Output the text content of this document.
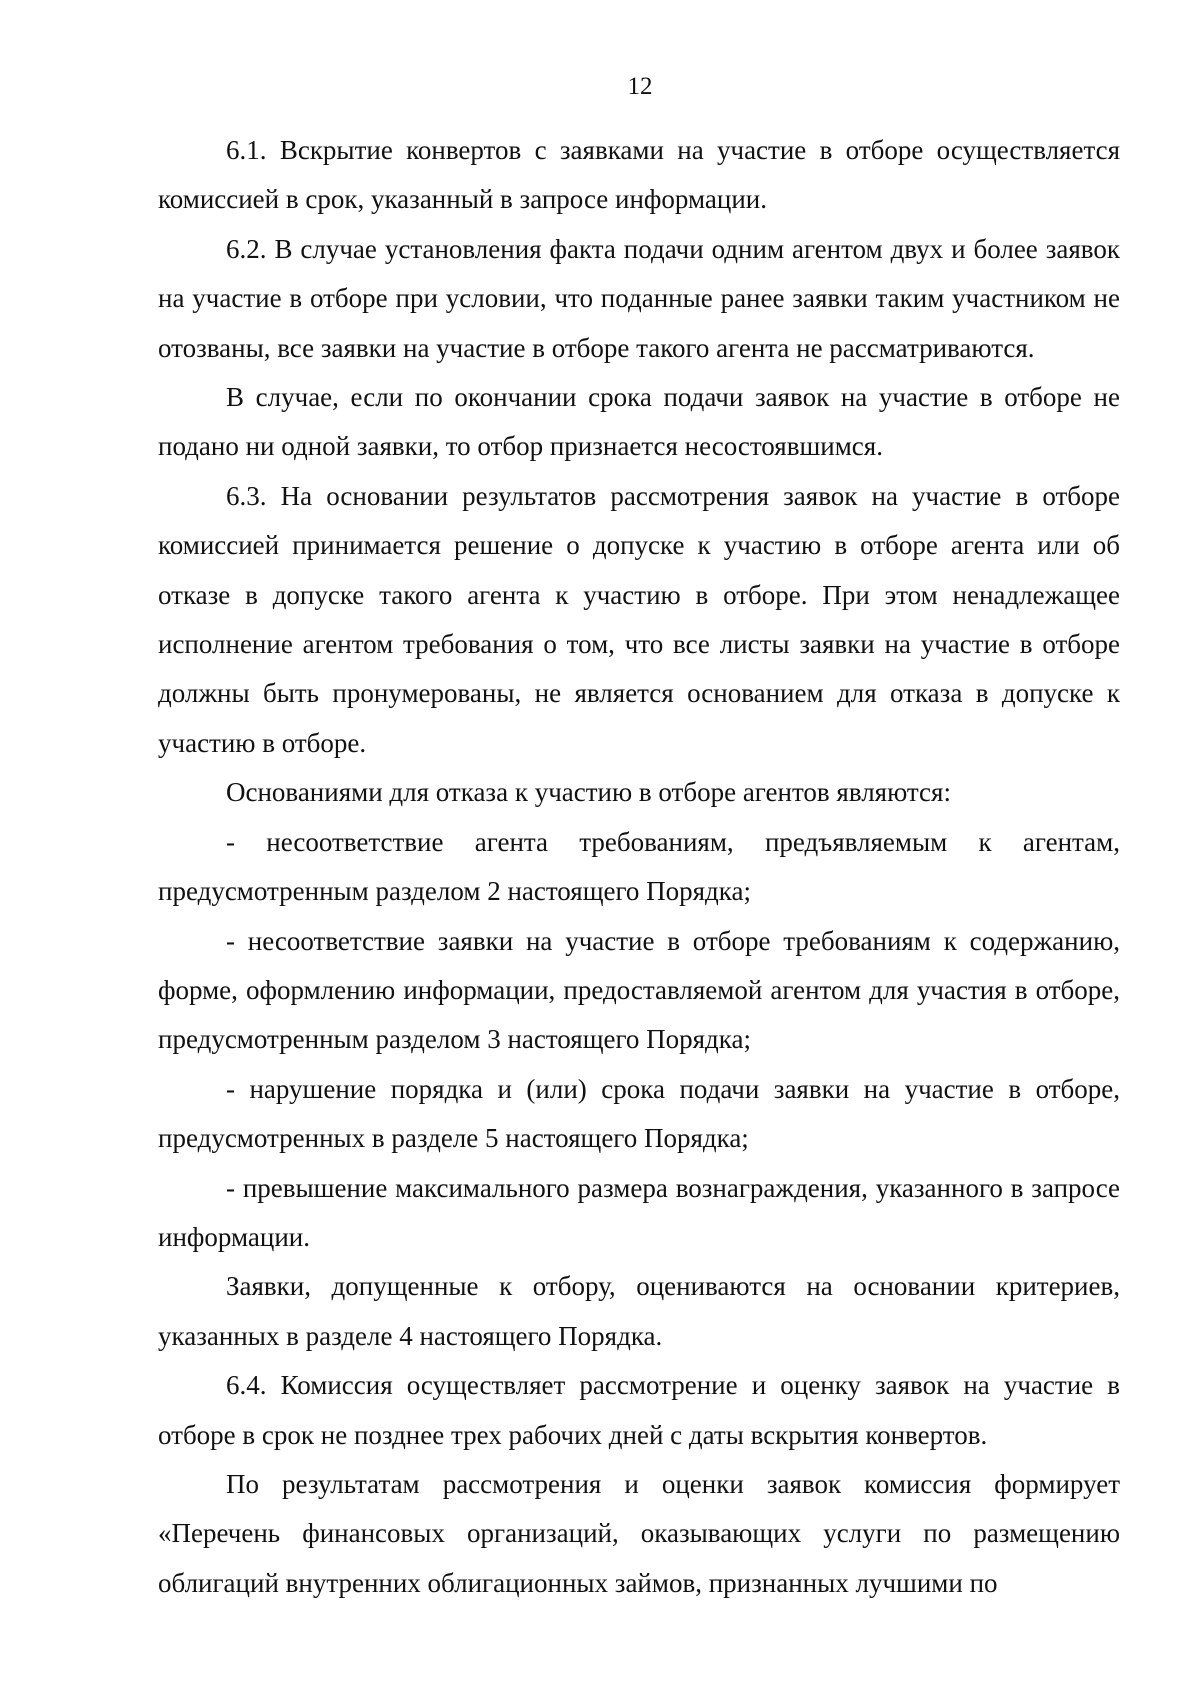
12

6.1. Вскрытие конвертов с заявками на участие в отборе осуществляется комиссией в срок, указанный в запросе информации.

6.2. В случае установления факта подачи одним агентом двух и более заявок на участие в отборе при условии, что поданные ранее заявки таким участником не отозваны, все заявки на участие в отборе такого агента не рассматриваются.

В случае, если по окончании срока подачи заявок на участие в отборе не подано ни одной заявки, то отбор признается несостоявшимся.

6.3. На основании результатов рассмотрения заявок на участие в отборе комиссией принимается решение о допуске к участию в отборе агента или об отказе в допуске такого агента к участию в отборе. При этом ненадлежащее исполнение агентом требования о том, что все листы заявки на участие в отборе должны быть пронумерованы, не является основанием для отказа в допуске к участию в отборе.

Основаниями для отказа к участию в отборе агентов являются:

- несоответствие агента требованиям, предъявляемым к агентам, предусмотренным разделом 2 настоящего Порядка;

- несоответствие заявки на участие в отборе требованиям к содержанию, форме, оформлению информации, предоставляемой агентом для участия в отборе, предусмотренным разделом 3 настоящего Порядка;

- нарушение порядка и (или) срока подачи заявки на участие в отборе, предусмотренных в разделе 5 настоящего Порядка;

- превышение максимального размера вознаграждения, указанного в запросе информации.

Заявки, допущенные к отбору, оцениваются на основании критериев, указанных в разделе 4 настоящего Порядка.

6.4. Комиссия осуществляет рассмотрение и оценку заявок на участие в отборе в срок не позднее трех рабочих дней с даты вскрытия конвертов.

По результатам рассмотрения и оценки заявок комиссия формирует «Перечень финансовых организаций, оказывающих услуги по размещению облигаций внутренних облигационных займов, признанных лучшими по
